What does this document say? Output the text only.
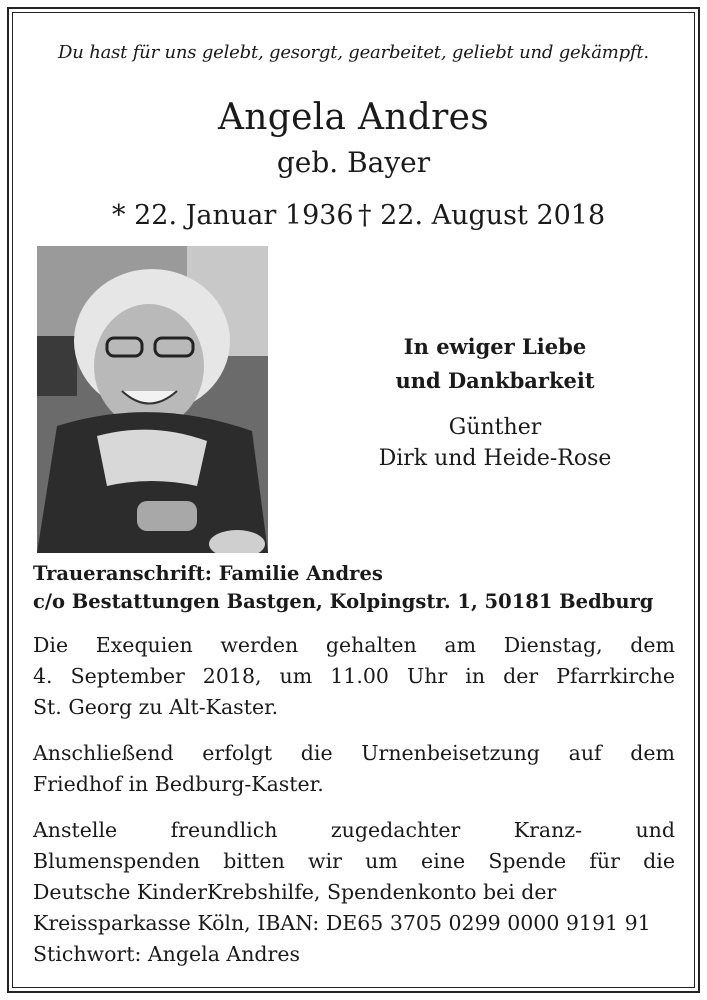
Du hast für uns gelebt, gesorgt, gearbeitet, geliebt und gekämpft.
Angela Andres
geb. Bayer
* 22. Januar 1936 † 22. August 2018
In ewiger Liebe
und Dankbarkeit
Günther
Dirk und Heide-Rose
Traueranschrift: Familie Andres
c/o Bestattungen Bastgen, Kolpingstr. 1, 50181 Bedburg
Die Exequien werden gehalten am Dienstag, dem
4. September 2018, um 11.00 Uhr in der Pfarrkirche
St. Georg zu Alt-Kaster.
Anschließend erfolgt die Urnenbeisetzung auf dem
Friedhof in Bedburg-Kaster.
Anstelle freundlich zugedachter Kranz- und
Blumenspenden bitten wir um eine Spende für die
Deutsche KinderKrebshilfe, Spendenkonto bei der
Kreissparkasse Köln, IBAN: DE65 3705 0299 0000 9191 91
Stichwort: Angela Andres
